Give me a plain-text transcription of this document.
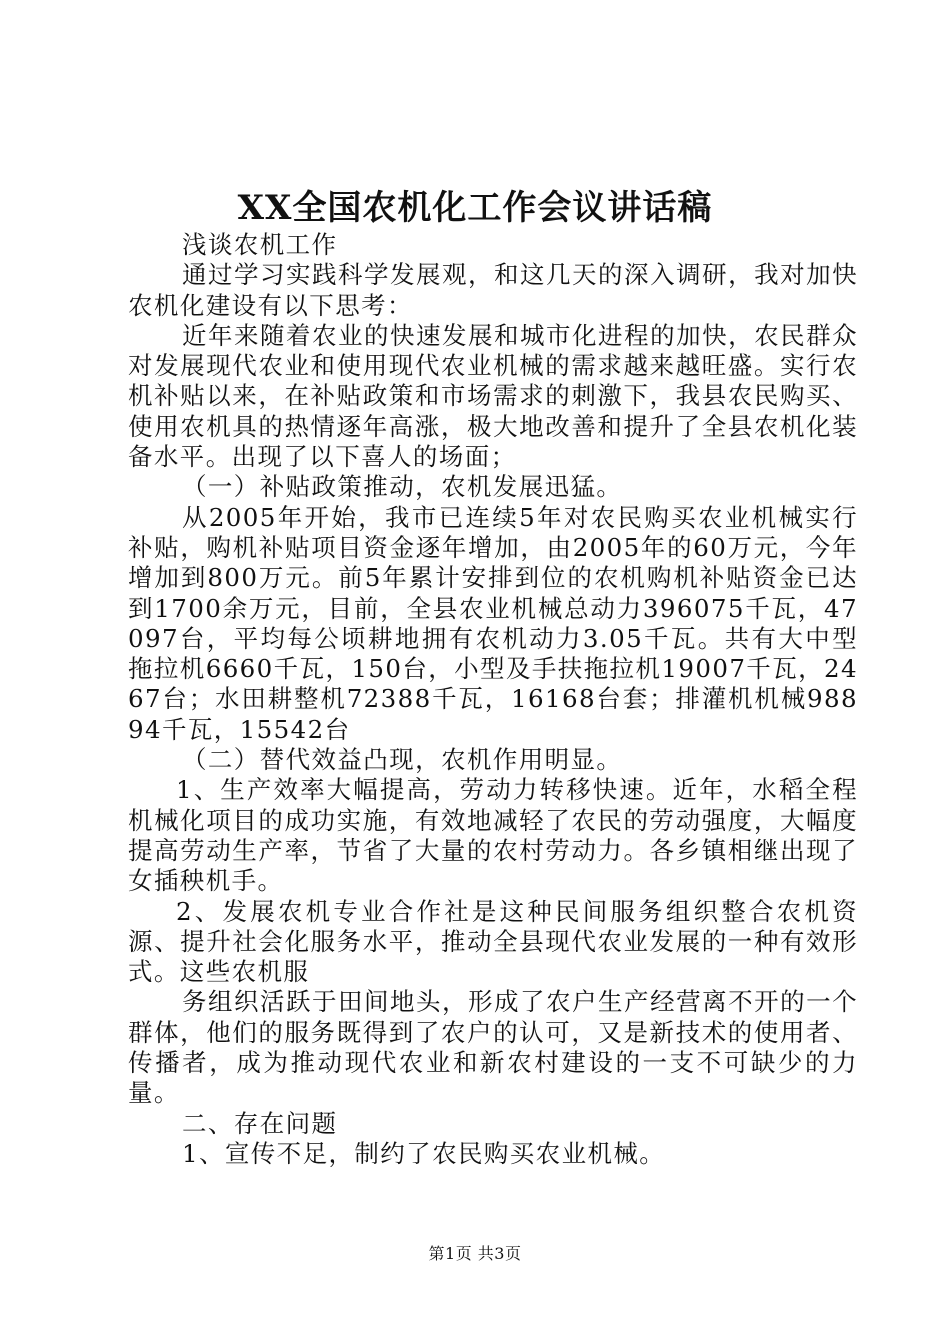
XX全国农机化工作会议讲话稿

浅谈农机工作

通过学习实践科学发展观，和这几天的深入调研，我对加快农机化建设有以下思考：

近年来随着农业的快速发展和城市化进程的加快，农民群众对发展现代农业和使用现代农业机械的需求越来越旺盛。实行农机补贴以来，在补贴政策和市场需求的刺激下，我县农民购买、使用农机具的热情逐年高涨，极大地改善和提升了全县农机化装备水平。出现了以下喜人的场面；

（一）补贴政策推动，农机发展迅猛。

从2005年开始，我市已连续5年对农民购买农业机械实行补贴，购机补贴项目资金逐年增加，由2005年的60万元，今年增加到800万元。前5年累计安排到位的农机购机补贴资金已达到1700余万元，目前，全县农业机械总动力396075千瓦，47097台，平均每公顷耕地拥有农机动力3.05千瓦。共有大中型拖拉机6660千瓦，150台，小型及手扶拖拉机19007千瓦，2467台；水田耕整机72388千瓦，16168台套；排灌机机械98894千瓦，15542台

（二）替代效益凸现，农机作用明显。

1、生产效率大幅提高，劳动力转移快速。近年，水稻全程机械化项目的成功实施，有效地减轻了农民的劳动强度，大幅度提高劳动生产率，节省了大量的农村劳动力。各乡镇相继出现了女插秧机手。

2、发展农机专业合作社是这种民间服务组织整合农机资源、提升社会化服务水平，推动全县现代农业发展的一种有效形式。这些农机服

务组织活跃于田间地头，形成了农户生产经营离不开的一个群体，他们的服务既得到了农户的认可，又是新技术的使用者、传播者，成为推动现代农业和新农村建设的一支不可缺少的力量。

二、存在问题

1、宣传不足，制约了农民购买农业机械。

第1页 共3页
